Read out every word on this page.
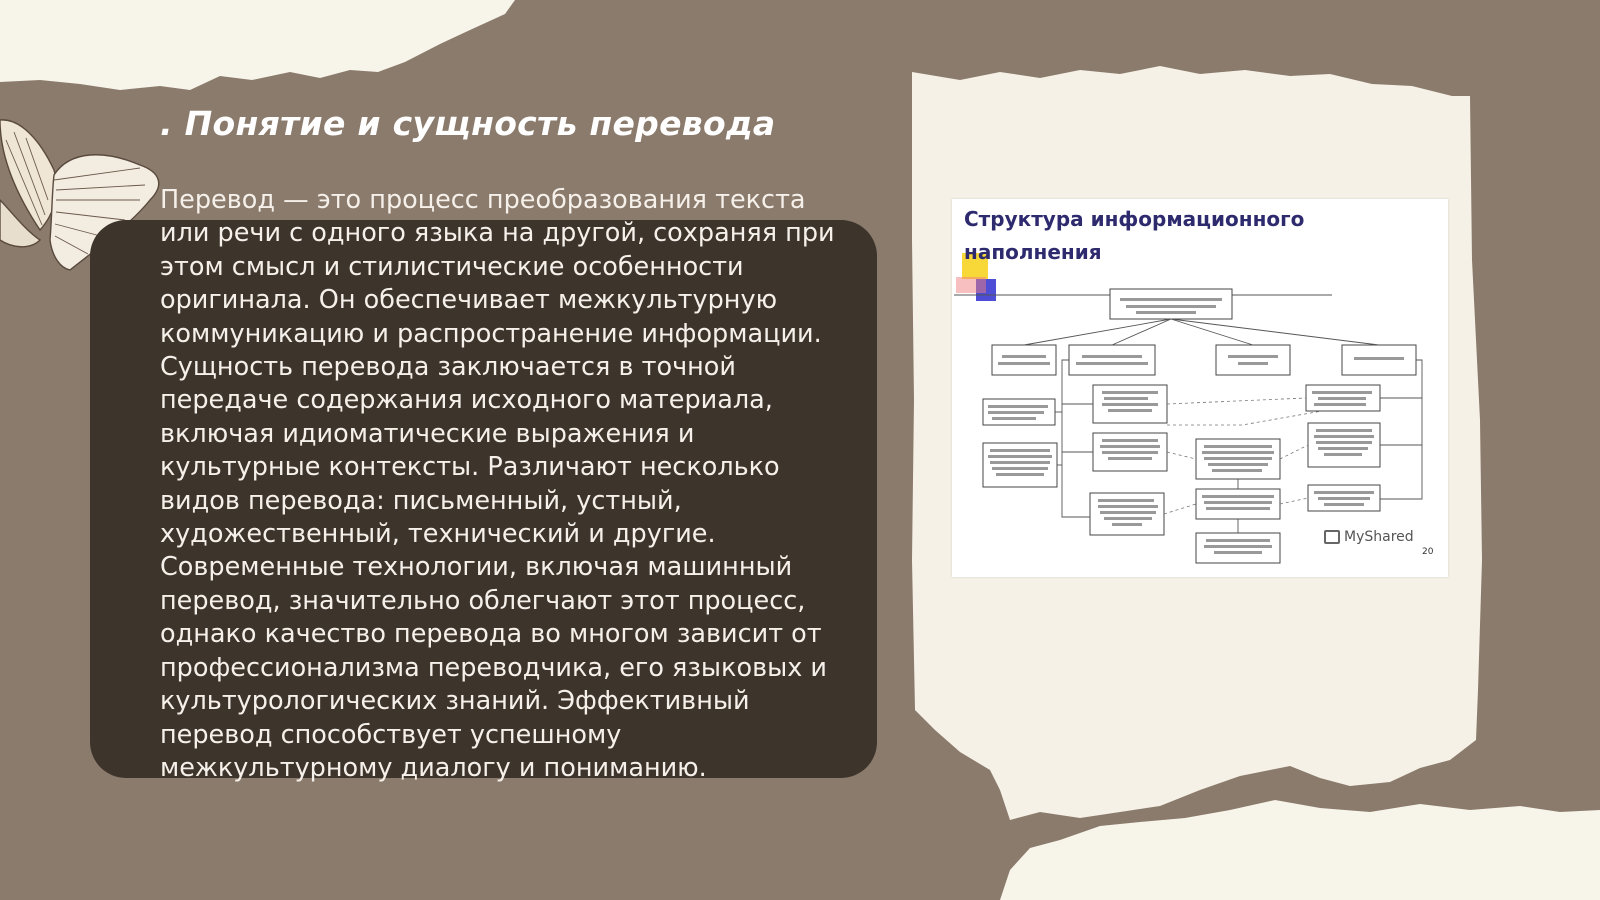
. Понятие и сущность перевода

Перевод — это процесс преобразования текста или речи с одного языка на другой, сохраняя при этом смысл и стилистические особенности оригинала. Он обеспечивает межкультурную коммуникацию и распространение информации. Сущность перевода заключается в точной передаче содержания исходного материала, включая идиоматические выражения и культурные контексты. Различают несколько видов перевода: письменный, устный, художественный, технический и другие. Современные технологии, включая машинный перевод, значительно облегчают этот процесс, однако качество перевода во многом зависит от профессионализма переводчика, его языковых и культурологических знаний. Эффективный перевод способствует успешному межкультурному диалогу и пониманию.

Структура информационного наполнения

MyShared
20
